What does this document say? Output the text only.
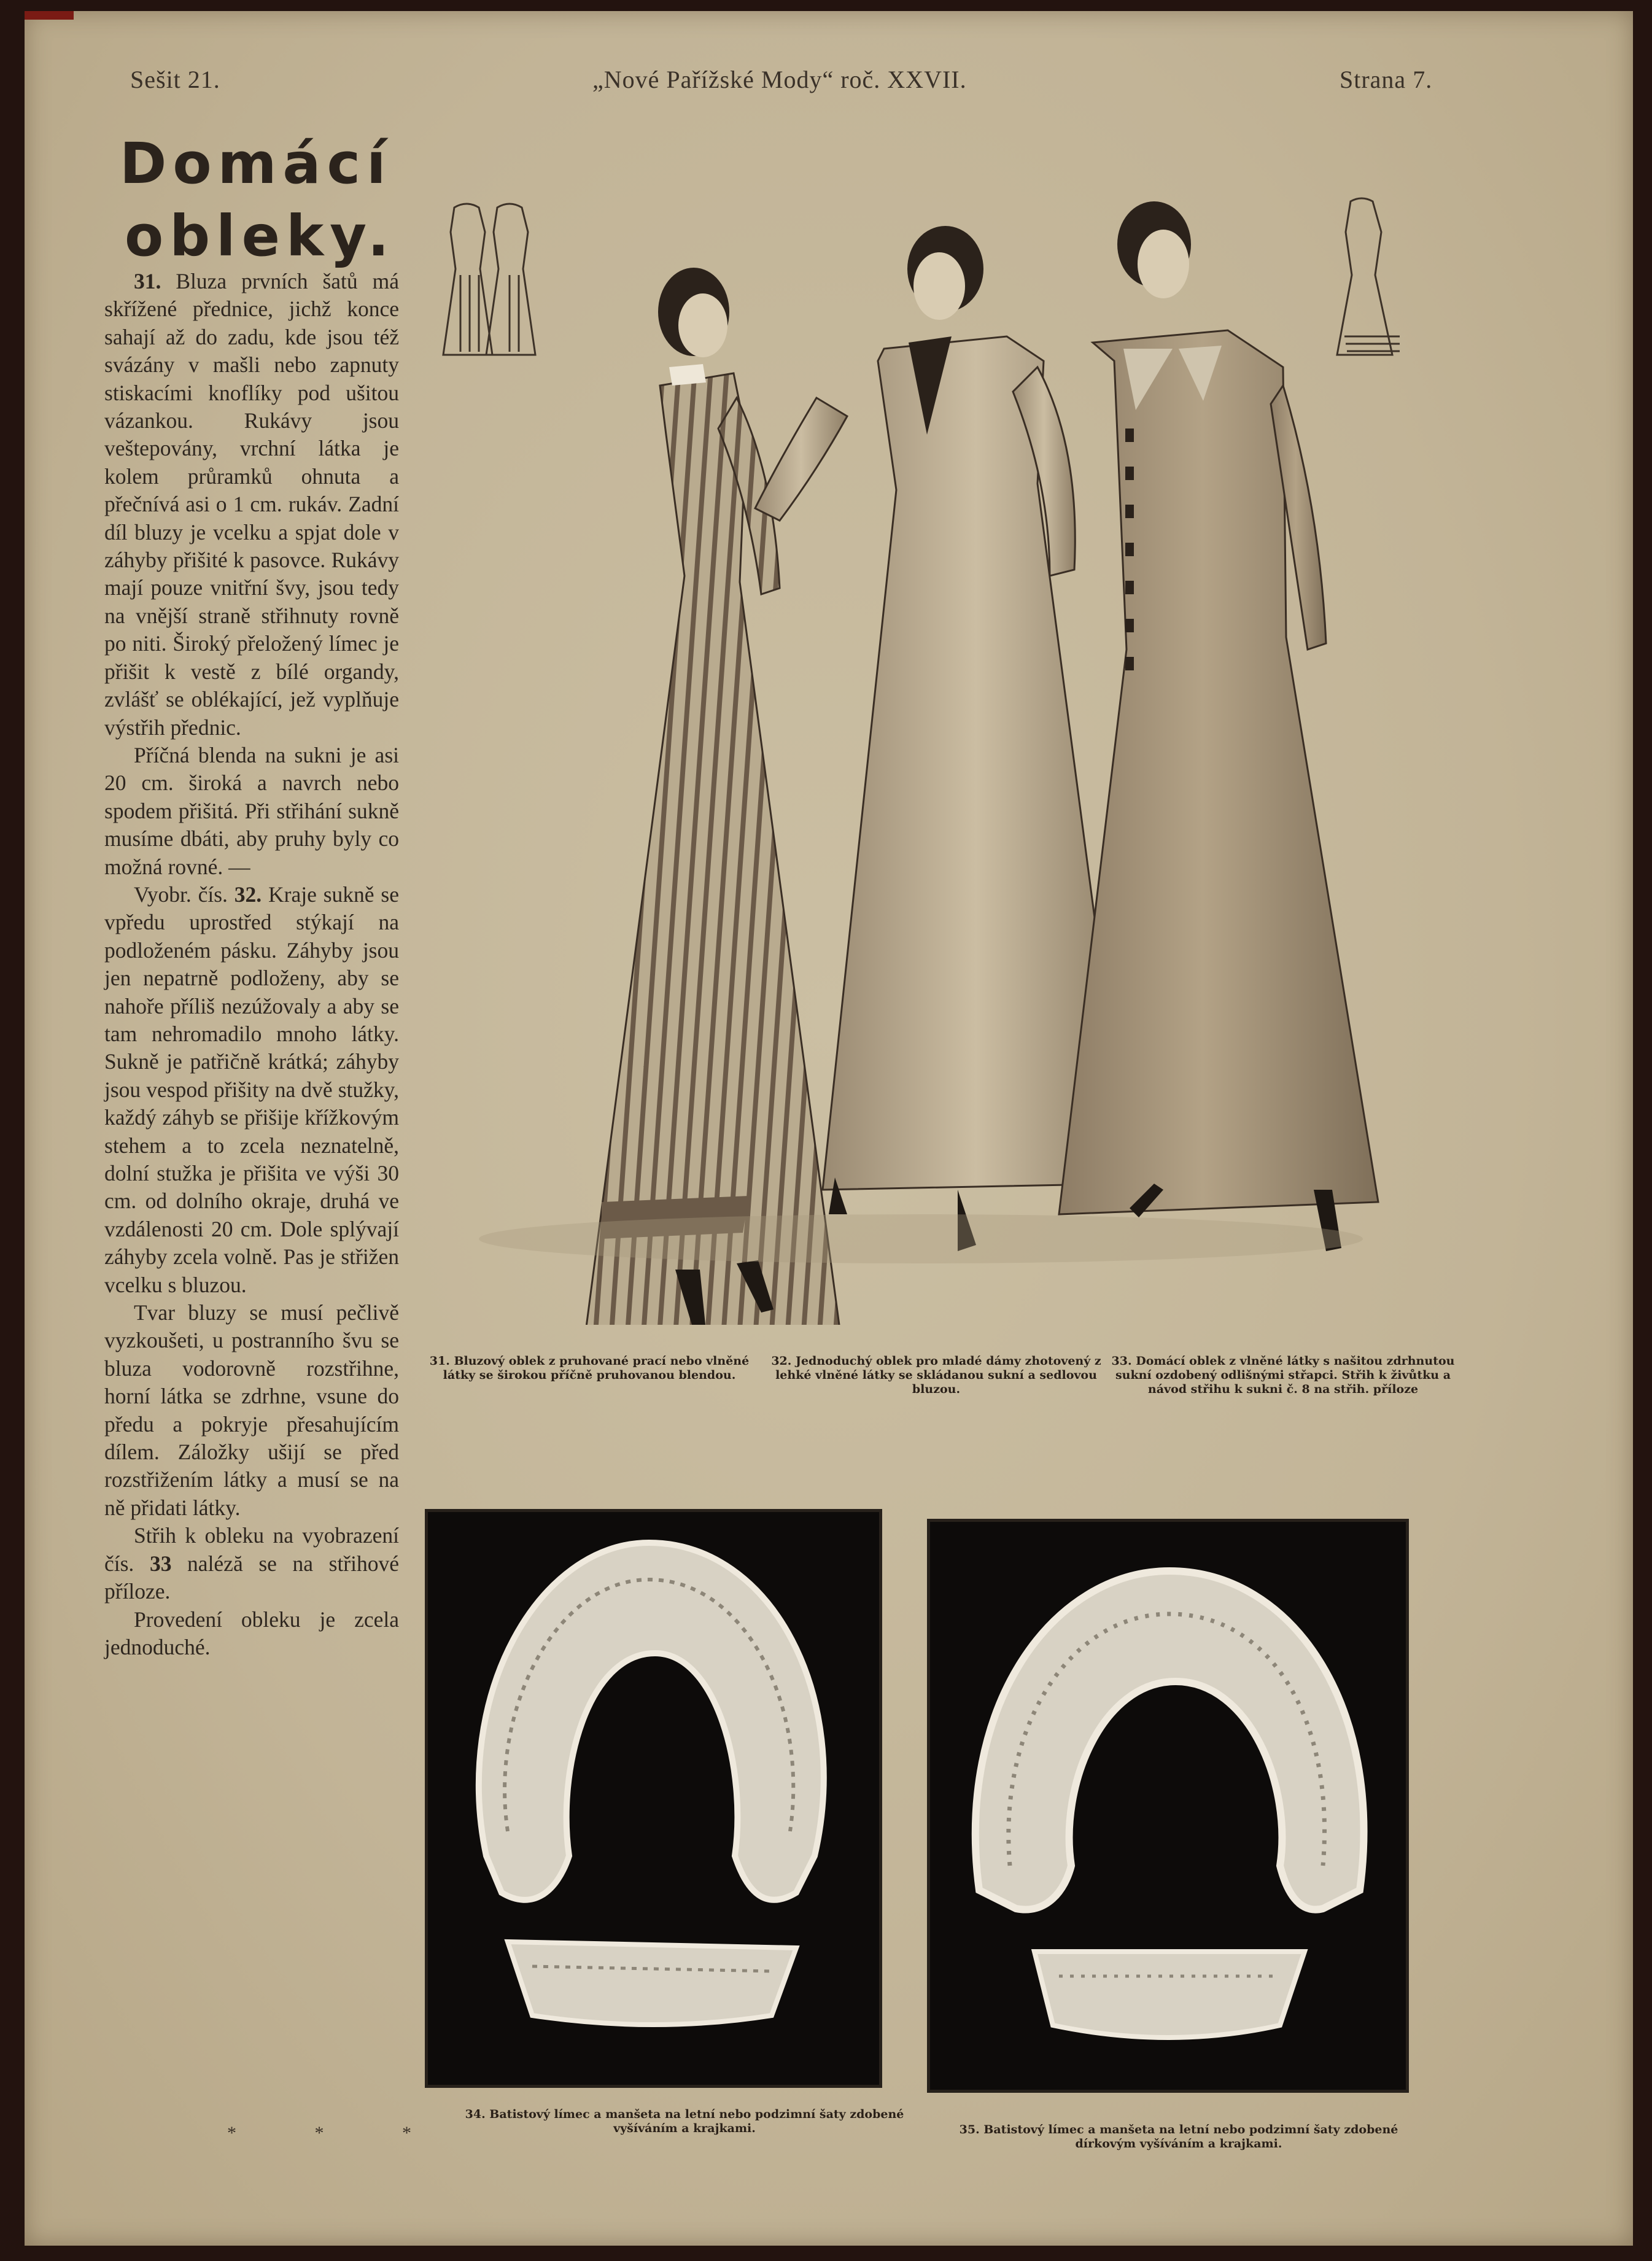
Sešit 21.	„Nové Pařížské Mody“ roč. XXVII.	Strana 7.
Domácí
obleky.

31. Bluza prvních šatů má skřížené přednice, jichž konce sahají až do zadu, kde jsou též svázány v mašli nebo zapnuty stiskacími knoflíky pod ušitou vázankou. Rukávy jsou veštepovány, vrchní látka je kolem průramků ohnuta a přečnívá asi o 1 cm. rukáv. Zadní díl bluzy je vcelku a spjat dole v záhyby přišité k pasovce. Rukávy mají pouze vnitřní švy, jsou tedy na vnější straně střihnuty rovně po niti. Široký přeložený límec je přišit k vestě z bílé organdy, zvlášť se oblékající, jež vyplňuje výstřih přednic.

Příčná blenda na sukni je asi 20 cm. široká a navrch nebo spodem přišitá. Při střihání sukně musíme dbáti, aby pruhy byly co možná rovné. —

Vyobr. čís. 32. Kraje sukně se vpředu uprostřed stýkají na podloženém pásku. Záhyby jsou jen nepatrně podloženy, aby se nahoře příliš nezúžovaly a aby se tam nehromadilo mnoho látky. Sukně je patřičně krátká; záhyby jsou vespod přišity na dvě stužky, každý záhyb se přišije křížkovým stehem a to zcela neznatelně, dolní stužka je přišita ve výši 30 cm. od dolního okraje, druhá ve vzdálenosti 20 cm. Dole splývají záhyby zcela volně. Pas je střižen vcelku s bluzou.

Tvar bluzy se musí pečlivě vyzkoušeti, u postranního švu se bluza vodorovně rozstřihne, horní látka se zdrhne, vsune do předu a pokryje přesahujícím dílem. Záložky ušijí se před rozstřižením látky a musí se na ně přidati látky.

Střih k obleku na vyobrazení čís. 33 naléză se na střihové příloze.

Provedení obleku je zcela jednoduché.

* * *
31. Bluzový oblek z pruhované prací nebo vlněné látky se širokou příčně pruhovanou blendou.
32. Jednoduchý oblek pro mladé dámy zhotovený z lehké vlněné látky se skládanou sukní a sedlovou bluzou.
33. Domácí oblek z vlněné látky s našitou zdrhnutou sukní ozdobený odlišnými střapci. Střih k živůtku a návod střihu k sukni č. 8 na střih. příloze
34. Batistový límec a manšeta na letní nebo podzimní šaty zdobené vyšíváním a krajkami.	35. Batistový límec a manšeta na letní nebo podzimní šaty zdobené dírkovým vyšíváním a krajkami.
